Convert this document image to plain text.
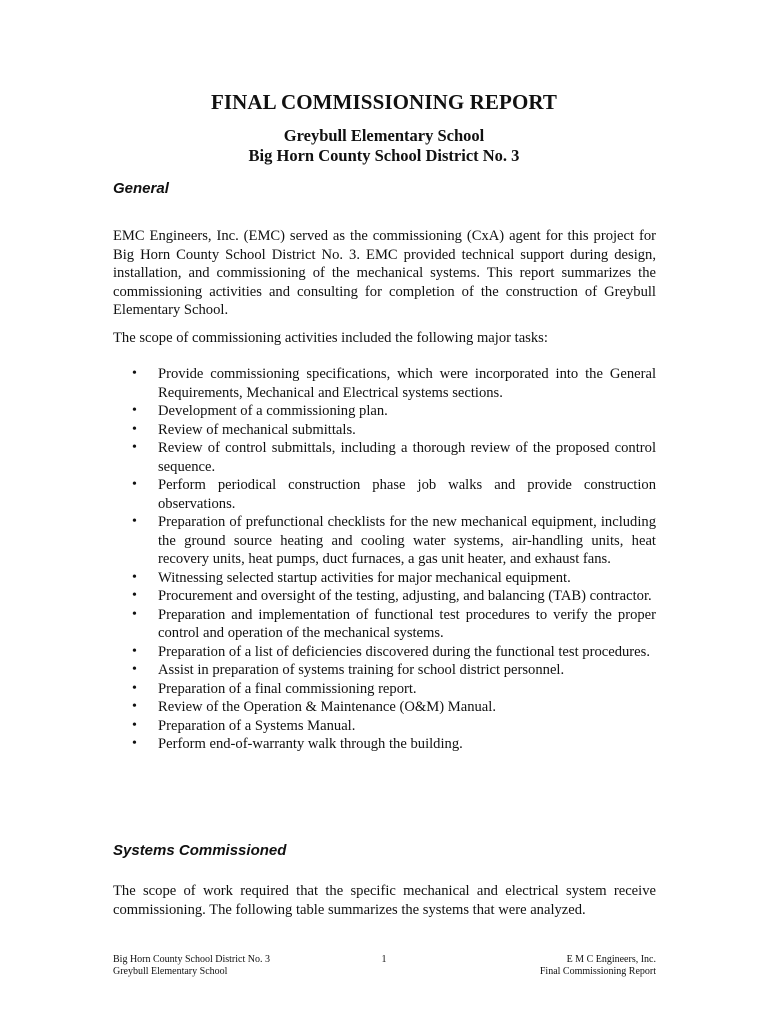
FINAL COMMISSIONING REPORT
Greybull Elementary School
Big Horn County School District No. 3
General

EMC Engineers, Inc. (EMC) served as the commissioning (CxA) agent for this project for Big Horn County School District No. 3. EMC provided technical support during design, installation, and commissioning of the mechanical systems. This report summarizes the commissioning activities and consulting for completion of the construction of Greybull Elementary School.

The scope of commissioning activities included the following major tasks:

• Provide commissioning specifications, which were incorporated into the General Requirements, Mechanical and Electrical systems sections.
• Development of a commissioning plan.
• Review of mechanical submittals.
• Review of control submittals, including a thorough review of the proposed control sequence.
• Perform periodical construction phase job walks and provide construction observations.
• Preparation of prefunctional checklists for the new mechanical equipment, including the ground source heating and cooling water systems, air-handling units, heat recovery units, heat pumps, duct furnaces, a gas unit heater, and exhaust fans.
• Witnessing selected startup activities for major mechanical equipment.
• Procurement and oversight of the testing, adjusting, and balancing (TAB) contractor.
• Preparation and implementation of functional test procedures to verify the proper control and operation of the mechanical systems.
• Preparation of a list of deficiencies discovered during the functional test procedures.
• Assist in preparation of systems training for school district personnel.
• Preparation of a final commissioning report.
• Review of the Operation & Maintenance (O&M) Manual.
• Preparation of a Systems Manual.
• Perform end-of-warranty walk through the building.
Systems Commissioned

The scope of work required that the specific mechanical and electrical system receive commissioning. The following table summarizes the systems that were analyzed.

Big Horn County School District No. 3
Greybull Elementary School
1	E M C Engineers, Inc.
Final Commissioning Report
